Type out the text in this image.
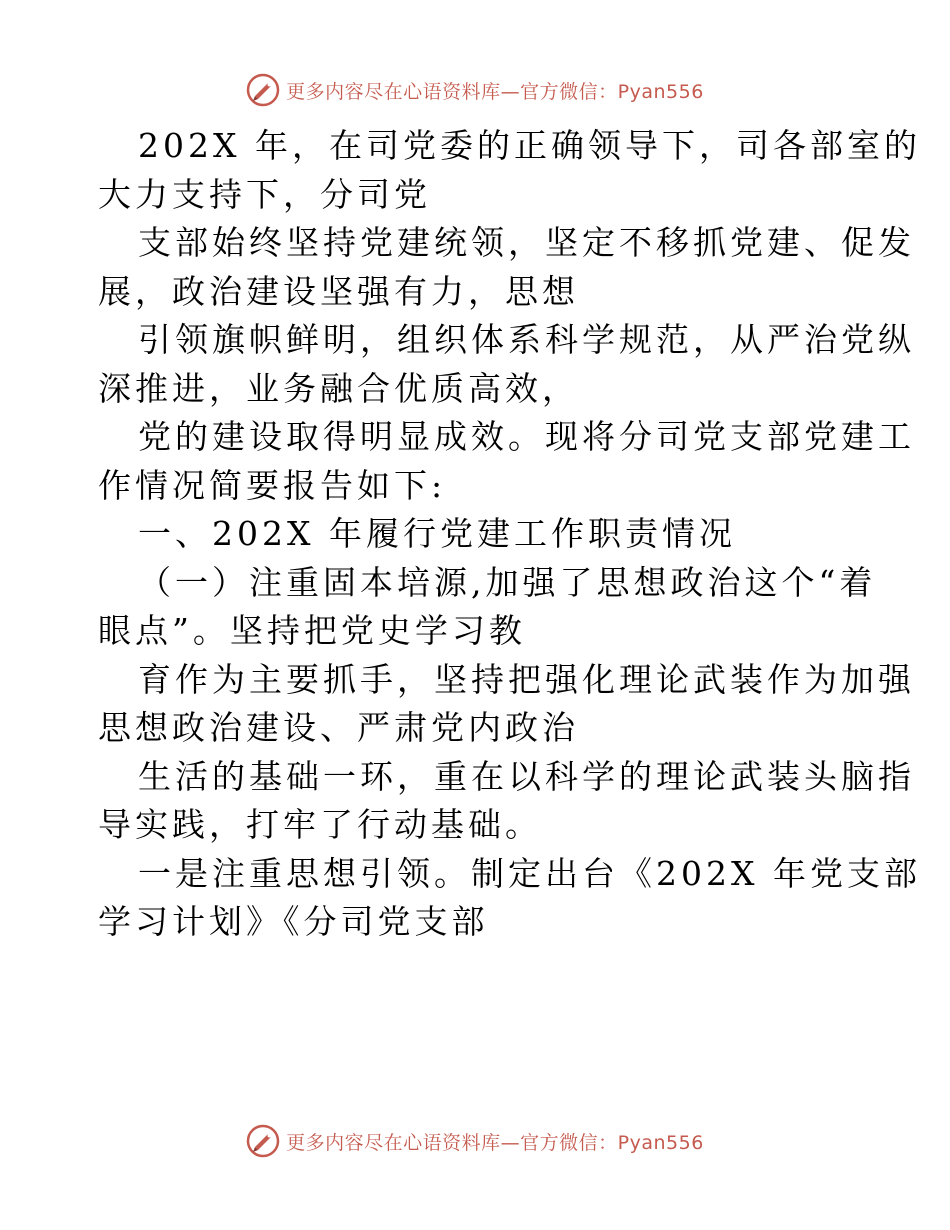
更多内容尽在心语资料库—官方微信：Pyan556
202X 年，在司党委的正确领导下，司各部室的
大力支持下，分司党
支部始终坚持党建统领，坚定不移抓党建、促发
展，政治建设坚强有力，思想
引领旗帜鲜明，组织体系科学规范，从严治党纵
深推进，业务融合优质高效，
党的建设取得明显成效。现将分司党支部党建工
作情况简要报告如下:
一、202X 年履行党建工作职责情况
（一）注重固本培源,加强了思想政治这个“着
眼点”。坚持把党史学习教
育作为主要抓手，坚持把强化理论武装作为加强
思想政治建设、严肃党内政治
生活的基础一环，重在以科学的理论武装头脑指
导实践，打牢了行动基础。
一是注重思想引领。制定出台《202X 年党支部
学习计划》《分司党支部
更多内容尽在心语资料库—官方微信：Pyan556
